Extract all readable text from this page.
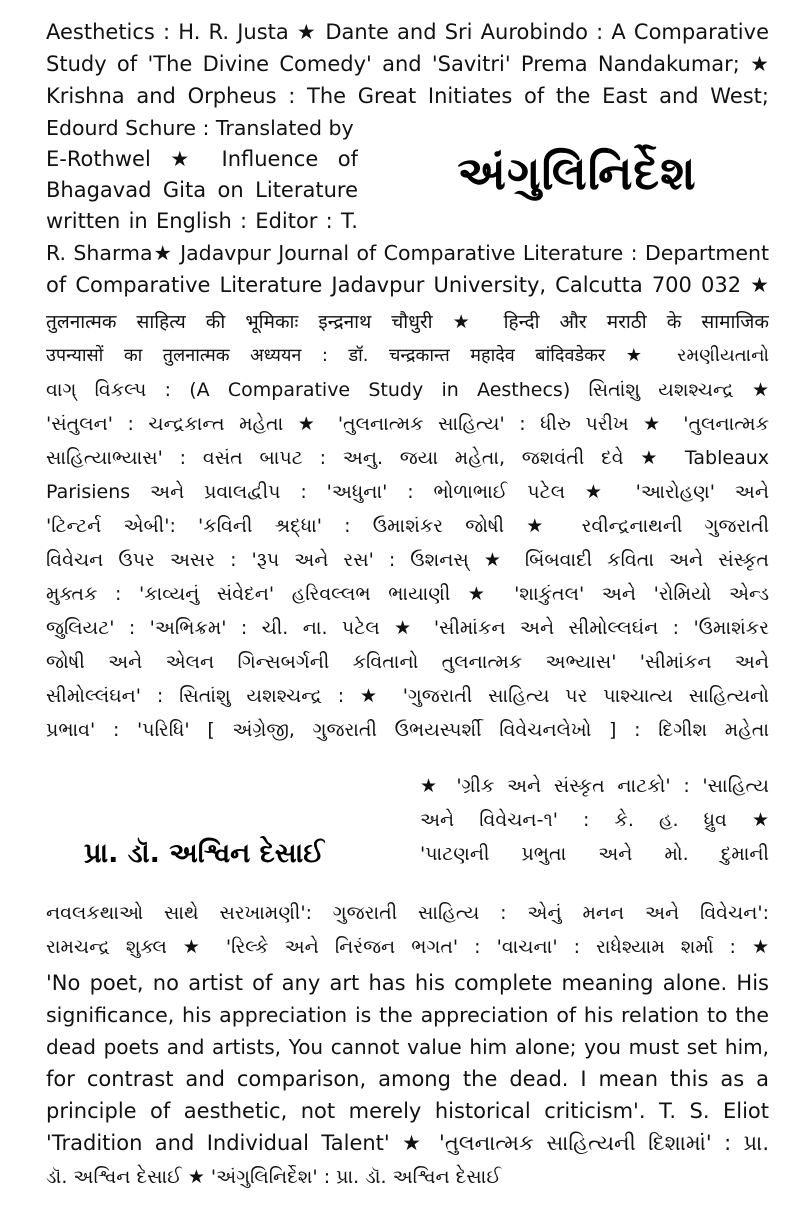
અંગુલિનિર્દેશ
Aesthetics : H. R. Justa ★ Dante and Sri Aurobindo : A Comparative
Study of 'The Divine Comedy' and 'Savitri' Prema Nandakumar; ★
Krishna and Orpheus : The Great Initiates of the East and West;
Edourd Schure : Translated by
E-Rothwel ★ Influence of
Bhagavad Gita on Literature
written in English : Editor : T.
R. Sharma★ Jadavpur Journal of Comparative Literature : Department
of Comparative Literature Jadavpur University, Calcutta 700 032 ★
तुलनात्मक साहित्य की भूमिकाः इन्द्रनाथ चौधुरी ★ हिन्दी और मराठी के सामाजिक
उपन्यासों का तुलनात्मक अध्ययन : डॉ. चन्द्रकान्त महादेव बांदिवडेकर ★ રમણીયતાનો
વાગ્ વિકલ્પ : (A Comparative Study in Aesthecs) સિતાંશુ યશશ્ચન્દ્ર ★
'સંતુલન' : ચન્દ્રકાન્ત મહેતા ★ 'તુલનાત્મક સાહિત્ય' : ધીરુ પરીખ ★ 'તુલનાત્મક
સાહિત્યાભ્યાસ' : વસંત બાપટ : અનુ. જયા મહેતા, જશવંતી દવે ★ Tableaux
Parisiens અને પ્રવાલદ્વીપ : 'અધુના' : ભોળાભાઈ પટેલ ★ 'આરોહણ' અને
'ટિન્ટર્ન એબી': 'કવિની શ્રદ્ધા' : ઉમાશંકર જોષી ★ રવીન્દ્રનાથની ગુજરાતી
વિવેચન ઉપર અસર : 'રૂપ અને રસ' : ઉશનસ્ ★ બિંબવાદી કવિતા અને સંસ્કૃત
મુક્તક : 'કાવ્યનું સંવેદન' હરિવલ્લભ ભાયાણી ★ 'શાકુંતલ' અને 'રોમિયો એન્ડ
જુલિયટ' : 'અભિક્રમ' : ચી. ના. પટેલ ★ 'સીમાંકન અને સીમોલ્લઘંન : 'ઉમાશંકર
જોષી અને એલન ગિન્સબર્ગની કવિતાનો તુલનાત્મક અભ્યાસ' 'સીમાંકન અને
સીમોલ્લંઘન' : સિતાંશુ યશશ્ચન્દ્ર : ★ 'ગુજરાતી સાહિત્ય પર પાશ્ચાત્ય સાહિત્યનો
પ્રભાવ' : 'પરિધિ' [ અંગ્રેજી, ગુજરાતી ઉભયસ્પર્શી વિવેચનલેખો ] : દિગીશ મહેતા
★ 'ગ્રીક અને સંસ્કૃત નાટકો' : 'સાહિત્ય
અને વિવેચન-૧' : કે. હ. ધ્રુવ ★
'પાટણની પ્રભુતા અને મો. દુમાની
પ્રા. ડૉ. અશ્વિન દેસાઈ
નવલકથાઓ સાથે સરખામણી': ગુજરાતી સાહિત્ય : એનું મનન અને વિવેચન':
રામચન્દ્ર શુક્લ ★ 'રિલ્કે અને નિરંજન ભગત' : 'વાચના' : રાધેશ્યામ શર્મા : ★
'No poet, no artist of any art has his complete meaning alone. His
significance, his appreciation is the appreciation of his relation to the
dead poets and artists, You cannot value him alone; you must set him,
for contrast and comparison, among the dead. I mean this as a
principle of aesthetic, not merely historical criticism'. T. S. Eliot
'Tradition and Individual Talent' ★ 'તુલનાત્મક સાહિત્યની દિશામાં' : પ્રા.
ડૉ. અશ્વિન દેસાઈ ★ 'અંગુલિનિર્દેશ' : પ્રા. ડૉ. અશ્વિન દેસાઈ
